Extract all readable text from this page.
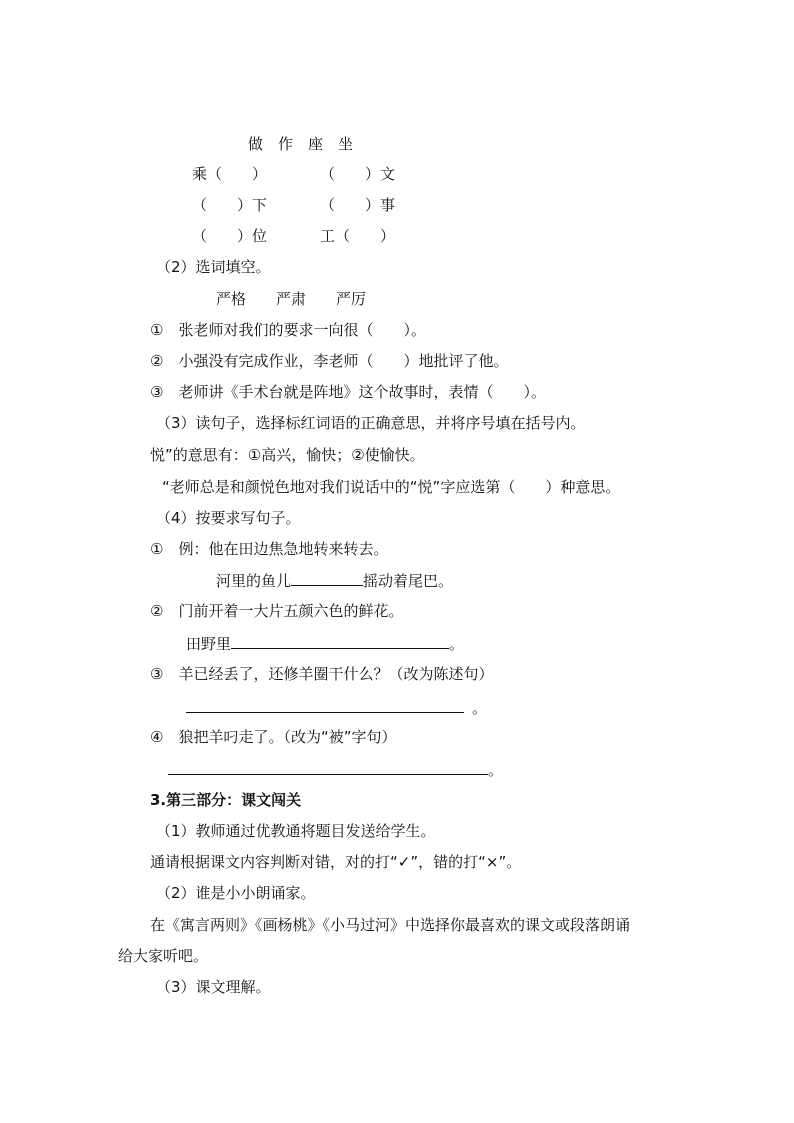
做　作　座　坐
乘（　　）	（　　）文
（　　）下	（　　）事
（　　）位	工（　　）
（2）选词填空。
严格　　严肃　　严厉
①　张老师对我们的要求一向很（　　）。
②　小强没有完成作业，李老师（　　）地批评了他。
③　老师讲《手术台就是阵地》这个故事时，表情（　　）。
（3）读句子，选择标红词语的正确意思，并将序号填在括号内。
悦”的意思有：①高兴，愉快；②使愉快。
“老师总是和颜悦色地对我们说话中的“悦”字应选第（　　）种意思。
（4）按要求写句子。
①　例：他在田边焦急地转来转去。
河里的鱼儿	摇动着尾巴。
②　门前开着一大片五颜六色的鲜花。
田野里	。
③　羊已经丢了，还修羊圈干什么？（改为陈述句）
。
④　狼把羊叼走了。（改为“被”字句）
。
3.第三部分：课文闯关
（1）教师通过优教通将题目发送给学生。
通请根据课文内容判断对错，对的打“✓”，错的打“×”。
（2）谁是小小朗诵家。
在《寓言两则》《画杨桃》《小马过河》中选择你最喜欢的课文或段落朗诵
给大家听吧。
（3）课文理解。
